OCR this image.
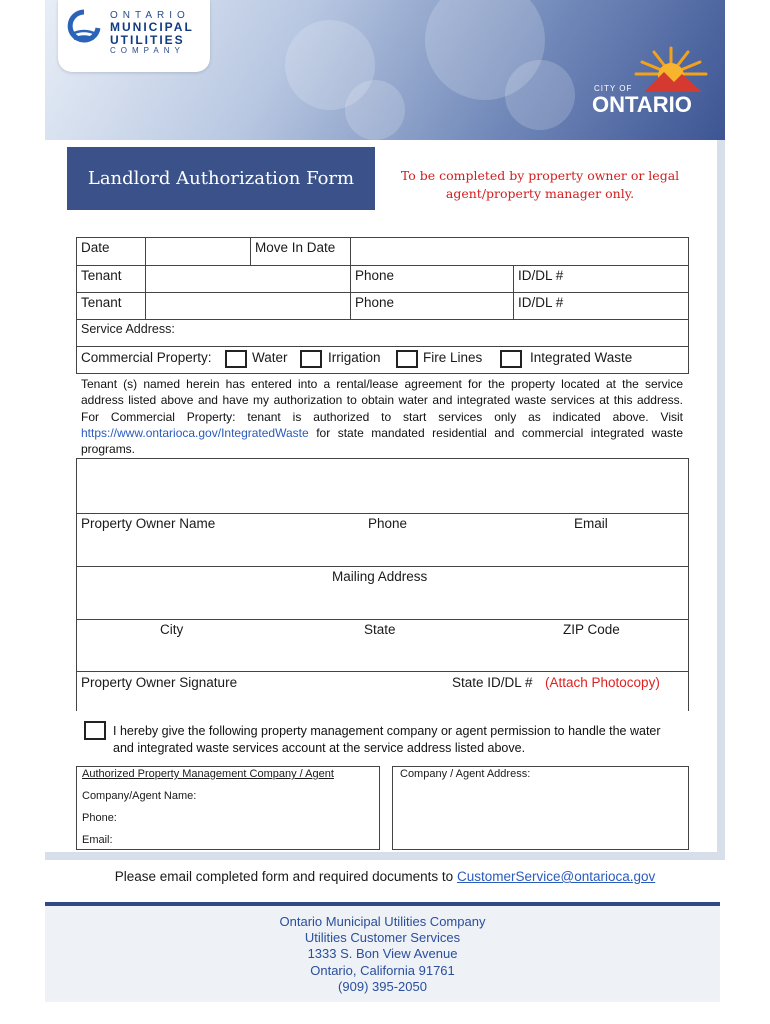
ONTARIO
MUNICIPAL
UTILITIES
COMPANY
CITY OF
ONTARIO
Landlord Authorization Form	To be completed by property owner or legal agent/property manager only.
Date	Move In Date
Tenant	Phone	ID/DL #
Tenant	Phone	ID/DL #
Service Address:
Commercial Property:	Water	Irrigation	Fire Lines	Integrated Waste
Tenant (s) named herein has entered into a rental/lease agreement for the property located at the service address listed above and have my authorization to obtain water and integrated waste services at this address. For Commercial Property: tenant is authorized to start services only as indicated above. Visit https://www.ontarioca.gov/IntegratedWaste for state mandated residential and commercial integrated waste programs.
Property Owner Name	Phone	Email
Mailing Address
City	State	ZIP Code
Property Owner Signature	State ID/DL # (Attach Photocopy)
I hereby give the following property management company or agent permission to handle the water and integrated waste services account at the service address listed above.
Authorized Property Management Company / Agent	Company / Agent Address:
Company/Agent Name:
Phone:
Email:
Please email completed form and required documents to CustomerService@ontarioca.gov
Ontario Municipal Utilities Company
Utilities Customer Services
1333 S. Bon View Avenue
Ontario, California 91761
(909) 395-2050
